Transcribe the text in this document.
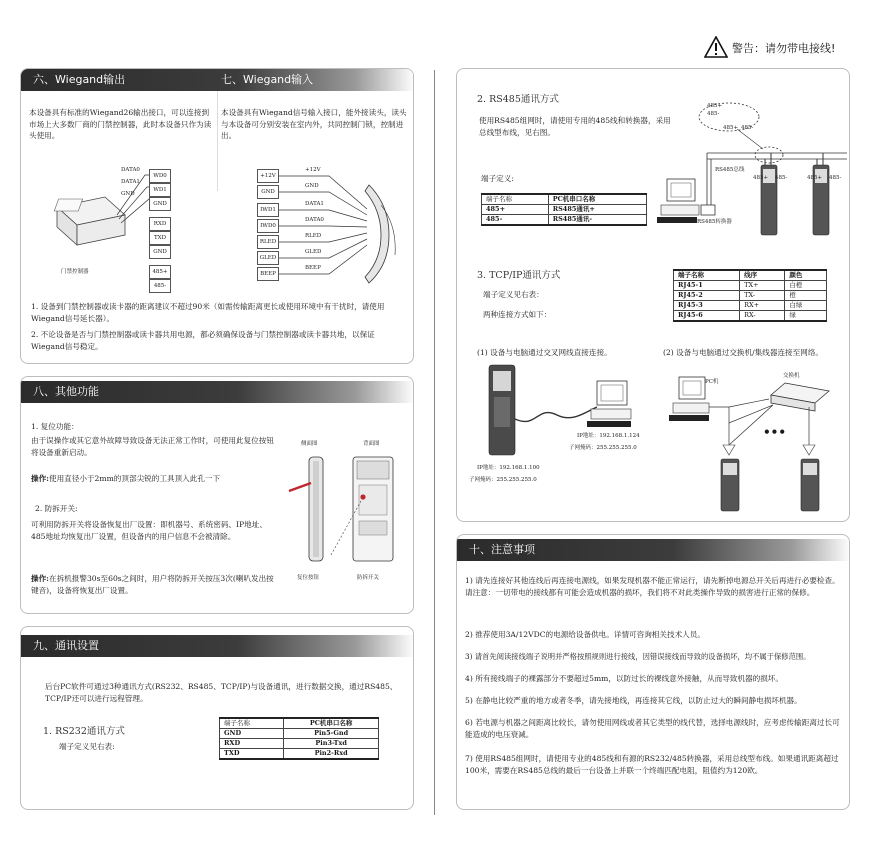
警告：请勿带电接线!
六、Wiegand输出	七、Wiegand输入
本设备具有标准的Wiegand26输出接口，可以连接到市场上大多数厂商的门禁控制器，此时本设备只作为读头使用。
本设备具有Wiegand信号输入接口，能外接读头，读头与本设备可分别安装在室内外，共同控制门锁，控制进出。
DATA0
DATA1
GND
门禁控制器
WD0
WD1
GND
RXD
TXD
GND
485+
485-
+12V
GND
IWD1
IWD0
RLED
GLED
BEEP
+12V
GND
DATA1
DATA0
RLED
GLED
BEEP
1. 设备到门禁控制器或读卡器的距离建议不超过90米（如需传输距离更长或使用环境中有干扰时，请使用Wiegand信号延长器）。
2. 不论设备是否与门禁控制器或读卡器共用电源，都必须确保设备与门禁控制器或读卡器共地，以保证Wiegand信号稳定。
八、其他功能
1. 复位功能：
由于误操作或其它意外故障导致设备无法正常工作时，可使用此复位按钮将设备重新启动。
操作:使用直径小于2mm的顶部尖锐的工具顶入此孔一下
2. 防拆开关:
可利用防拆开关将设备恢复出厂设置：即机器号、系统密码、IP地址、485地址均恢复出厂设置，但设备内的用户信息不会被清除。
操作:在拆机报警30s至60s之间时，用户将防拆开关按压3次(喇叭发出按键音)，设备将恢复出厂设置。
侧面图	背面图
复位按钮	防拆开关
九、通讯设置
后台PC软件可通过3种通讯方式(RS232、RS485、TCP/IP)与设备通讯，进行数据交换，通过RS485、TCP/IP还可以进行远程管理。
1. RS232通讯方式
端子定义见右表:
端子名称	PC机串口名称
GND	Pin5-Gnd
RXD	Pin3-Txd
TXD	Pin2-Rxd
2. RS485通讯方式
使用RS485组网时，请使用专用的485线和转换器，采用总线型布线，见右图。
端子定义:
端子名称	PC机串口名称
485+	RS485通讯+
485-	RS485通讯-
485+
485-
485+ 485-
485+ 485-	485+ 485-
RS485总线
RS485转换器
3. TCP/IP通讯方式
端子定义见右表：
两种连接方式如下：
端子名称	线序	颜色
RJ45-1	TX+	白橙
RJ45-2	TX-	橙
RJ45-3	RX+	白绿
RJ45-6	RX-	绿
(1) 设备与电脑通过交叉网线直接连接。	(2) 设备与电脑通过交换机/集线器连接至网络。
IP地址：192.168.1.124
子网掩码：255.255.255.0
IP地址：192.168.1.100
子网掩码：255.255.255.0
PC机
交换机
•••
十、注意事项
1) 请先连接好其他连线后再连接电源线，如果发现机器不能正常运行，请先断掉电源总开关后再进行必要检查。请注意：一切带电的接线都有可能会造成机器的损坏，我们将不对此类操作导致的损害进行正常的保修。
2) 推荐使用3A/12VDC的电源给设备供电。详情可咨询相关技术人员。
3) 请首先阅读接线端子说明并严格按照规则进行接线，因错误接线而导致的设备损坏，均不属于保修范围。
4) 所有接线端子的裸露部分不要超过5mm，以防过长的裸线意外接触，从而导致机器的损坏。
5) 在静电比较严重的地方或者冬季，请先接地线，再连接其它线，以防止过大的瞬间静电损坏机器。
6) 若电源与机器之间距离比较长，请勿使用网线或者其它类型的线代替，选择电源线时，应考虑传输距离过长可能造成的电压衰减。
7) 使用RS485组网时，请使用专业的485线和有源的RS232/485转换器，采用总线型布线。如果通讯距离超过100米，需要在RS485总线的最后一台设备上并联一个终端匹配电阻，阻值约为120欧。
